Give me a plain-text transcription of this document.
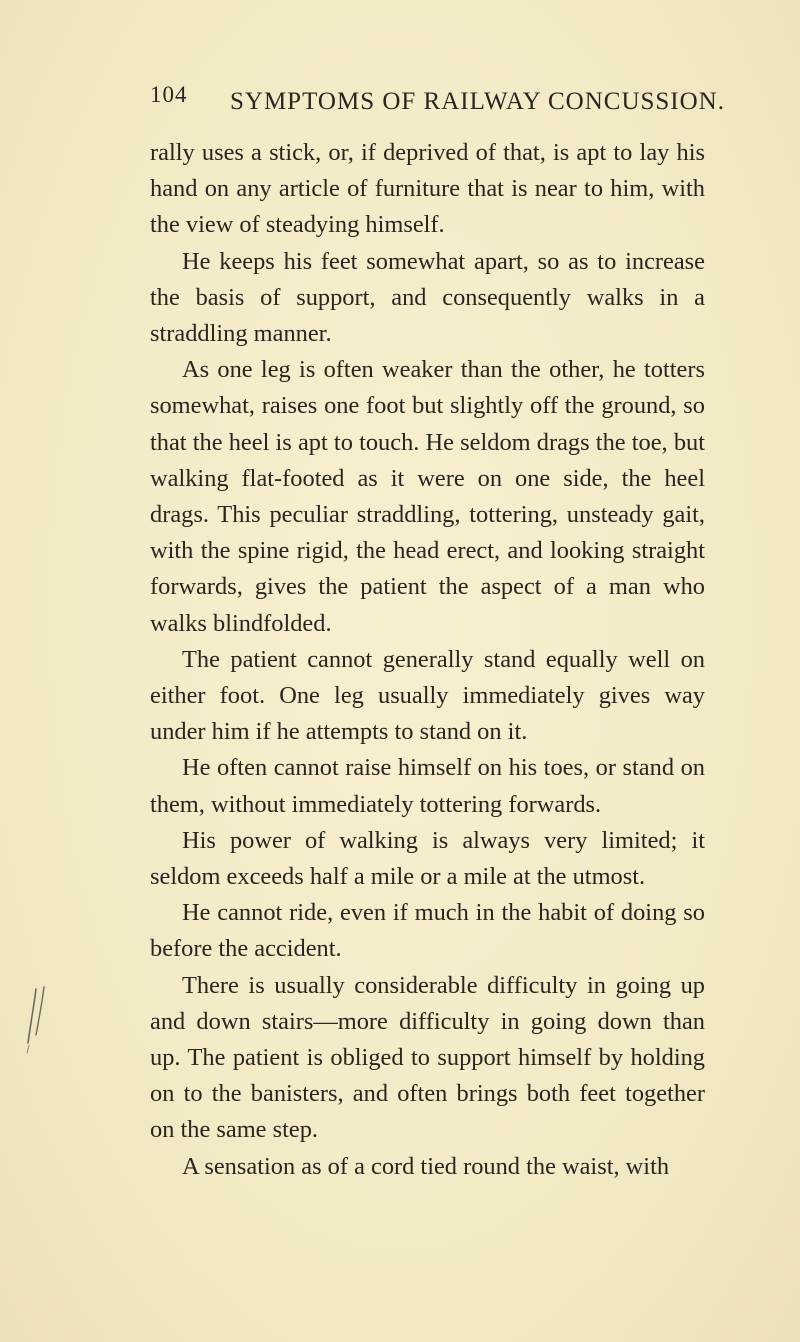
104 SYMPTOMS OF RAILWAY CONCUSSION.

rally uses a stick, or, if deprived of that, is apt to lay his hand on any article of furniture that is near to him, with the view of steadying himself.

He keeps his feet somewhat apart, so as to increase the basis of support, and consequently walks in a straddling manner.

As one leg is often weaker than the other, he totters somewhat, raises one foot but slightly off the ground, so that the heel is apt to touch. He seldom drags the toe, but walking flat-footed as it were on one side, the heel drags. This peculiar straddling, tottering, unsteady gait, with the spine rigid, the head erect, and looking straight forwards, gives the patient the aspect of a man who walks blindfolded.

The patient cannot generally stand equally well on either foot. One leg usually immediately gives way under him if he attempts to stand on it.

He often cannot raise himself on his toes, or stand on them, without immediately tottering forwards.

His power of walking is always very limited; it seldom exceeds half a mile or a mile at the utmost.

He cannot ride, even if much in the habit of doing so before the accident.

There is usually considerable difficulty in going up and down stairs—more difficulty in going down than up. The patient is obliged to support himself by holding on to the banisters, and often brings both feet together on the same step.

A sensation as of a cord tied round the waist, with
